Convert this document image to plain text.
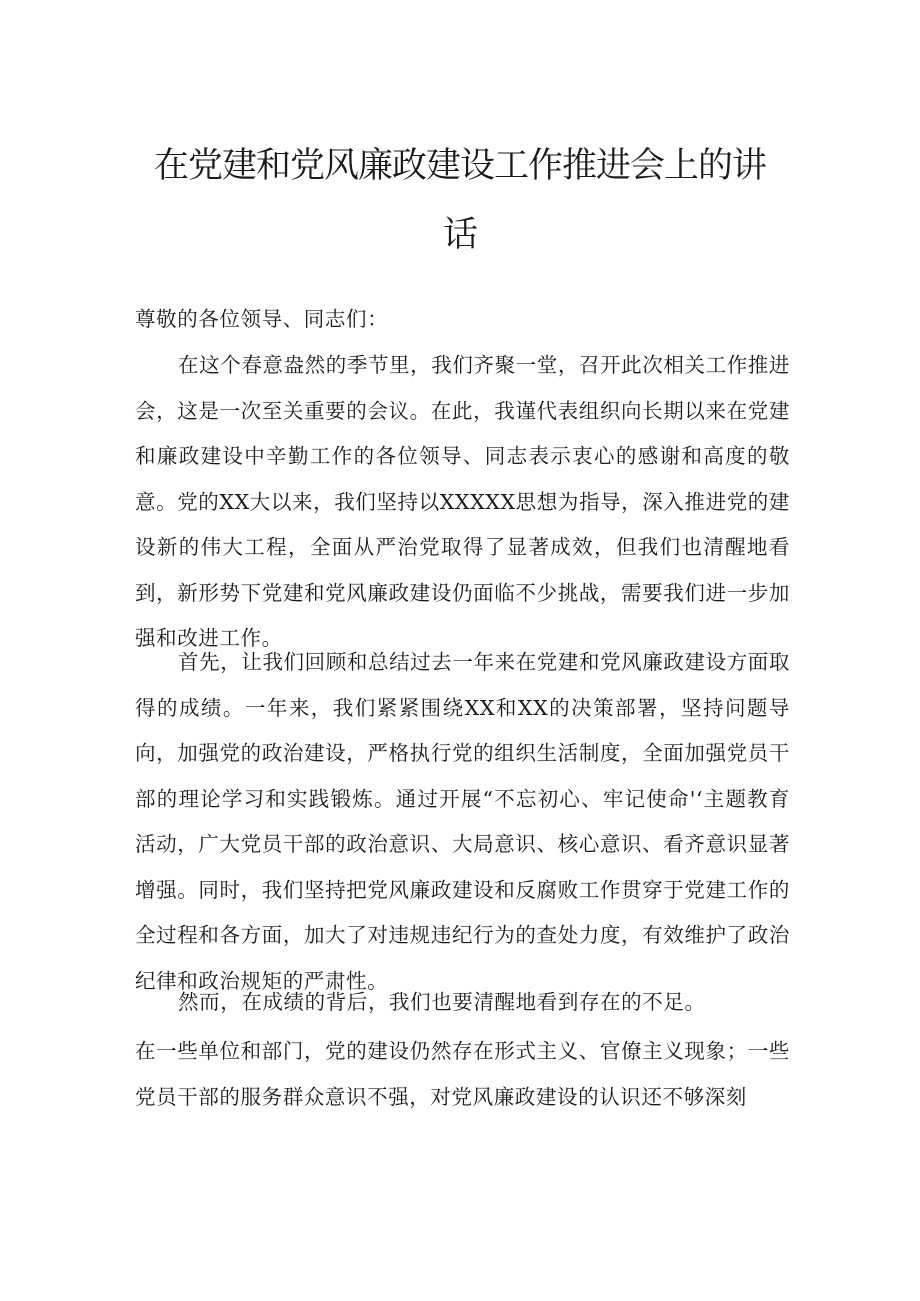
在党建和党风廉政建设工作推进会上的讲
话
尊敬的各位领导、同志们：

在这个春意盎然的季节里，我们齐聚一堂，召开此次相关工作推进会，这是一次至关重要的会议。在此，我谨代表组织向长期以来在党建和廉政建设中辛勤工作的各位领导、同志表示衷心的感谢和高度的敬意。党的XX大以来，我们坚持以XXXXX思想为指导，深入推进党的建设新的伟大工程，全面从严治党取得了显著成效，但我们也清醒地看到，新形势下党建和党风廉政建设仍面临不少挑战，需要我们进一步加强和改进工作。

首先，让我们回顾和总结过去一年来在党建和党风廉政建设方面取得的成绩。一年来，我们紧紧围绕XX和XX的决策部署，坚持问题导向，加强党的政治建设，严格执行党的组织生活制度，全面加强党员干部的理论学习和实践锻炼。通过开展“不忘初心、牢记使命'‘主题教育活动，广大党员干部的政治意识、大局意识、核心意识、看齐意识显著增强。同时，我们坚持把党风廉政建设和反腐败工作贯穿于党建工作的全过程和各方面，加大了对违规违纪行为的查处力度，有效维护了政治纪律和政治规矩的严肃性。

然而，在成绩的背后，我们也要清醒地看到存在的不足。

在一些单位和部门，党的建设仍然存在形式主义、官僚主义现象；一些党员干部的服务群众意识不强，对党风廉政建设的认识还不够深刻
